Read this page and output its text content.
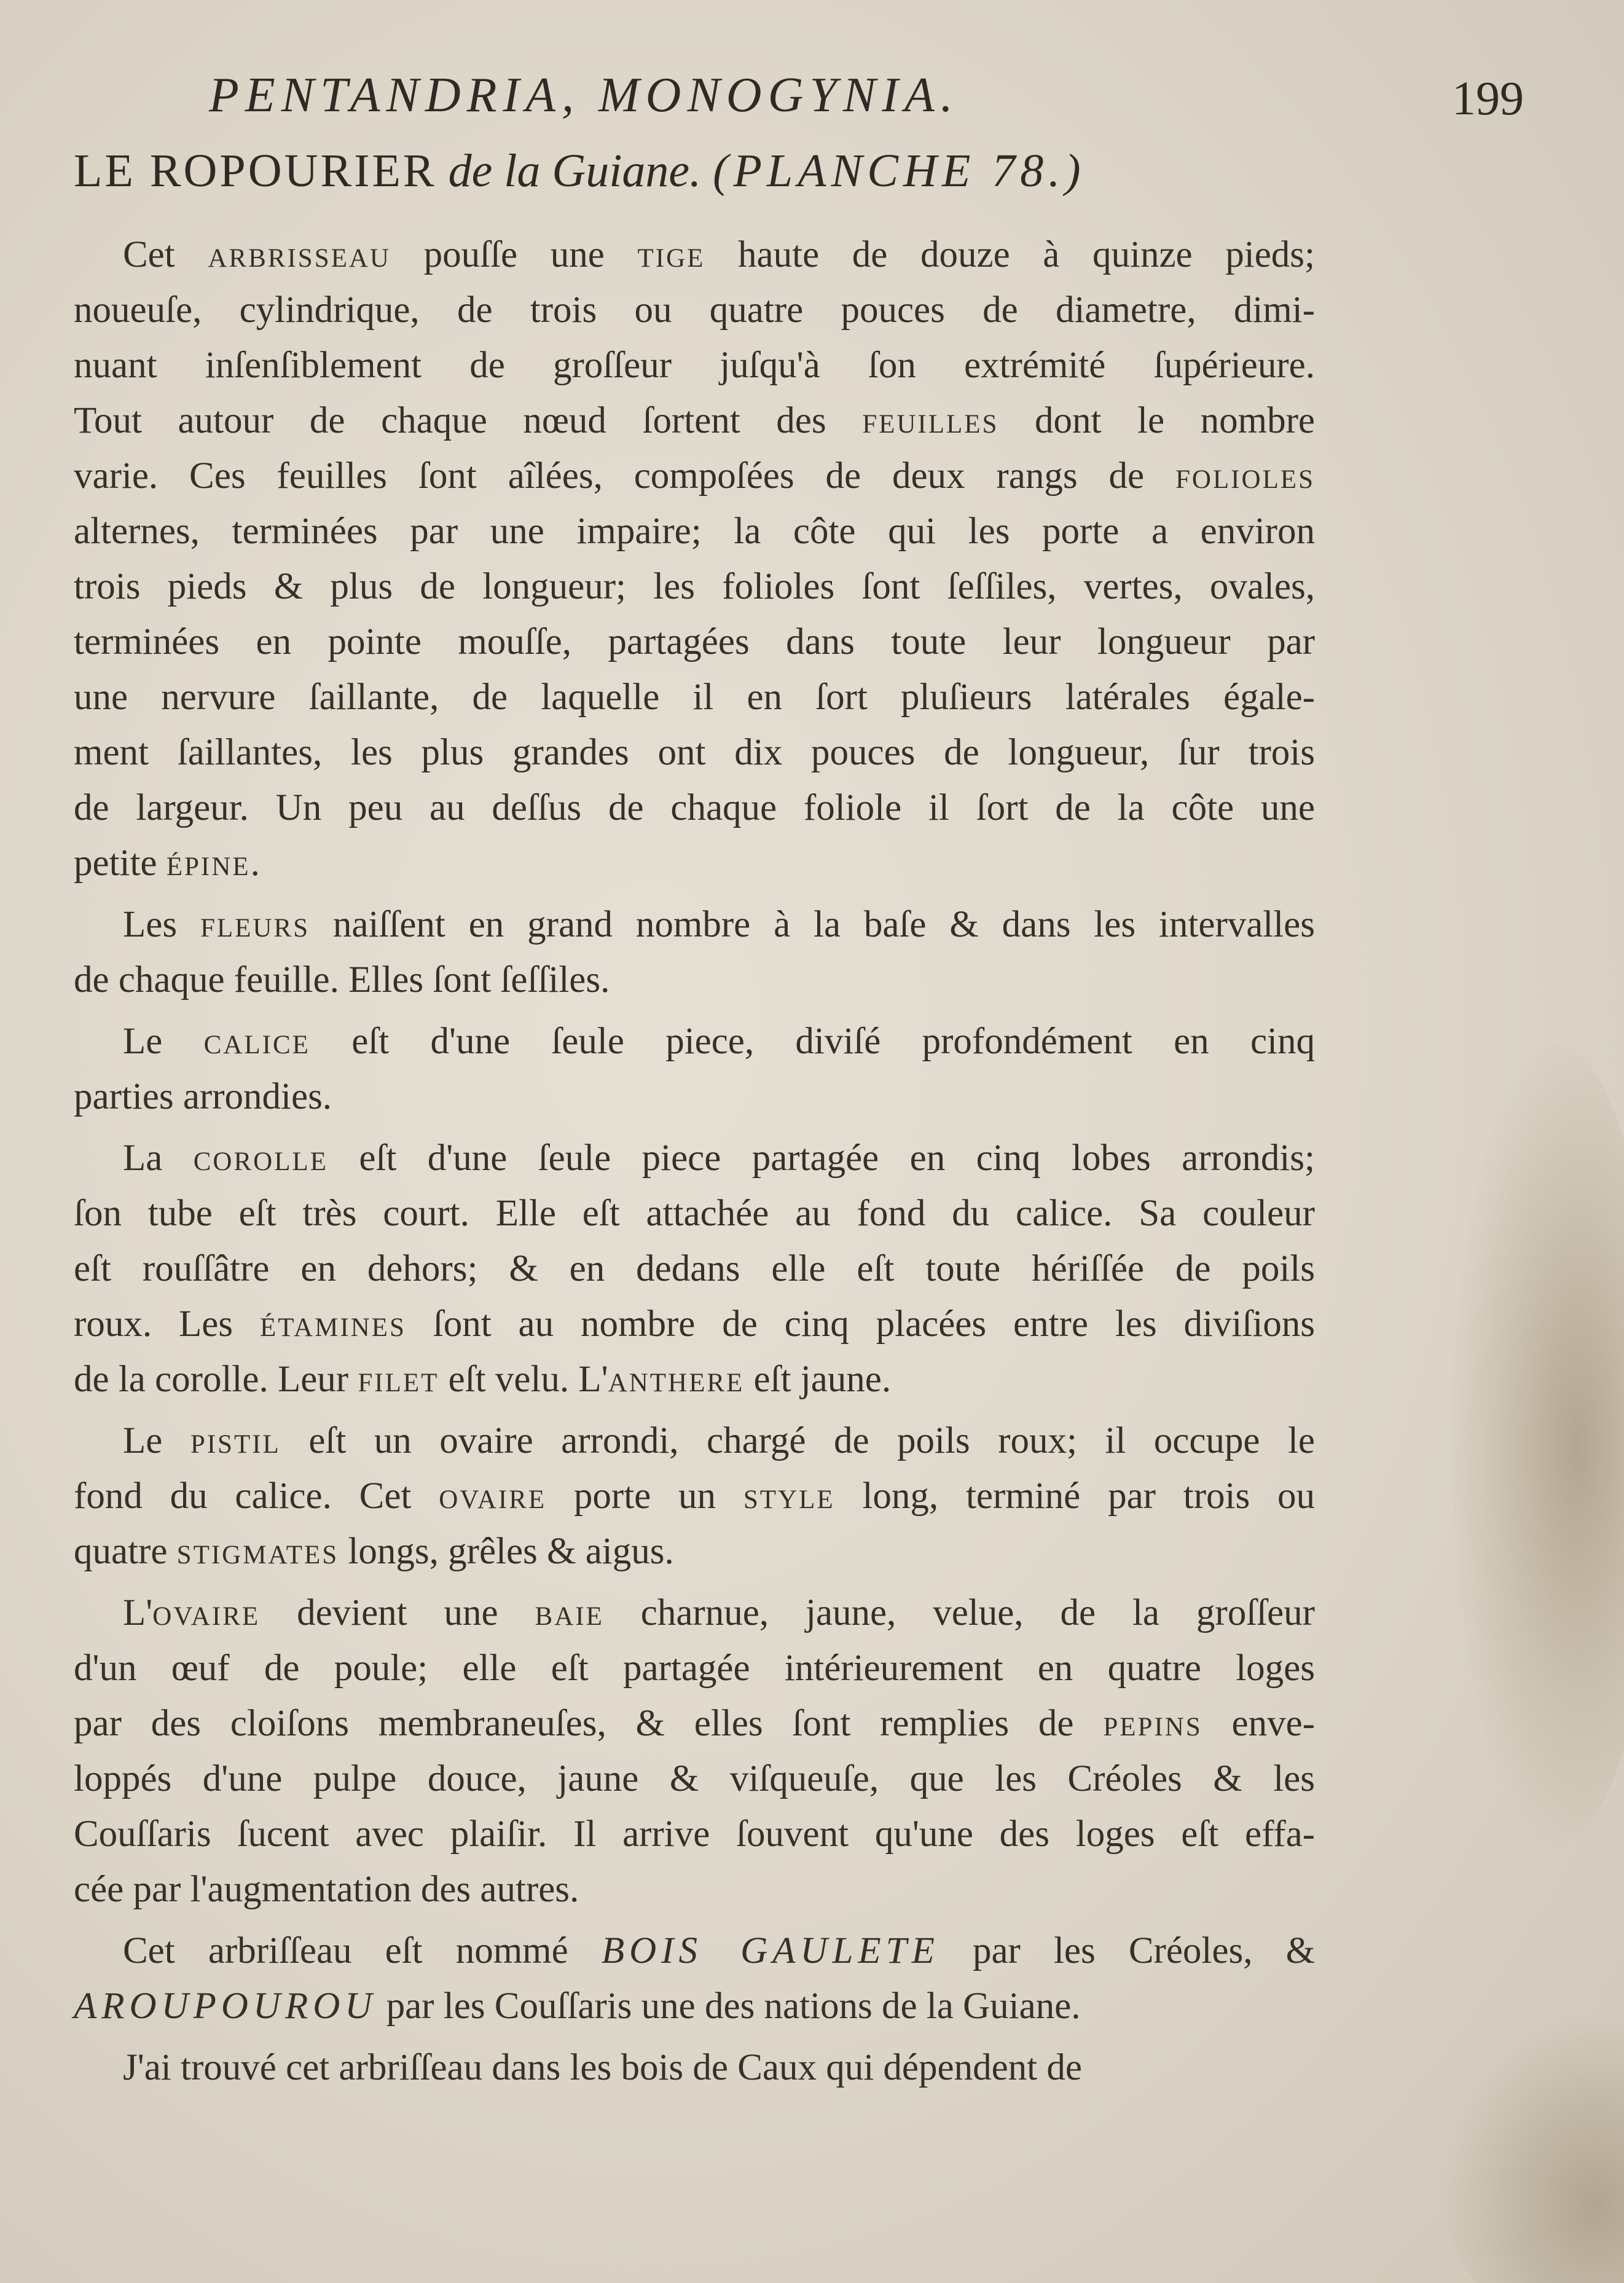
PENTANDRIA, MONOGYNIA.	199
LE ROPOURIER de la Guiane. (PLANCHE 78.)
Cet arbrisseau pouſſe une tige haute de douze à quinze pieds;
noueuſe, cylindrique, de trois ou quatre pouces de diametre, dimi-
nuant inſenſiblement de groſſeur juſqu'à ſon extrémité ſupérieure.
Tout autour de chaque nœud ſortent des feuilles dont le nombre
varie. Ces feuilles ſont aîlées, compoſées de deux rangs de folioles
alternes, terminées par une impaire; la côte qui les porte a environ
trois pieds & plus de longueur; les folioles ſont ſeſſiles, vertes, ovales,
terminées en pointe mouſſe, partagées dans toute leur longueur par
une nervure ſaillante, de laquelle il en ſort pluſieurs latérales égale-
ment ſaillantes, les plus grandes ont dix pouces de longueur, ſur trois
de largeur. Un peu au deſſus de chaque foliole il ſort de la côte une
petite épine.
Les fleurs naiſſent en grand nombre à la baſe & dans les intervalles
de chaque feuille. Elles ſont ſeſſiles.
Le calice eſt d'une ſeule piece, diviſé profondément en cinq
parties arrondies.
La corolle eſt d'une ſeule piece partagée en cinq lobes arrondis;
ſon tube eſt très court. Elle eſt attachée au fond du calice. Sa couleur
eſt rouſſâtre en dehors; & en dedans elle eſt toute hériſſée de poils
roux. Les étamines ſont au nombre de cinq placées entre les diviſions
de la corolle. Leur filet eſt velu. L'anthere eſt jaune.
Le pistil eſt un ovaire arrondi, chargé de poils roux; il occupe le
fond du calice. Cet ovaire porte un style long, terminé par trois ou
quatre stigmates longs, grêles & aigus.
L'ovaire devient une baie charnue, jaune, velue, de la groſſeur
d'un œuf de poule; elle eſt partagée intérieurement en quatre loges
par des cloiſons membraneuſes, & elles ſont remplies de pepins enve-
loppés d'une pulpe douce, jaune & viſqueuſe, que les Créoles & les
Couſſaris ſucent avec plaiſir. Il arrive ſouvent qu'une des loges eſt effa-
cée par l'augmentation des autres.
Cet arbriſſeau eſt nommé BOIS GAULETE par les Créoles, &
AROUPOUROU par les Couſſaris une des nations de la Guiane.
J'ai trouvé cet arbriſſeau dans les bois de Caux qui dépendent de
